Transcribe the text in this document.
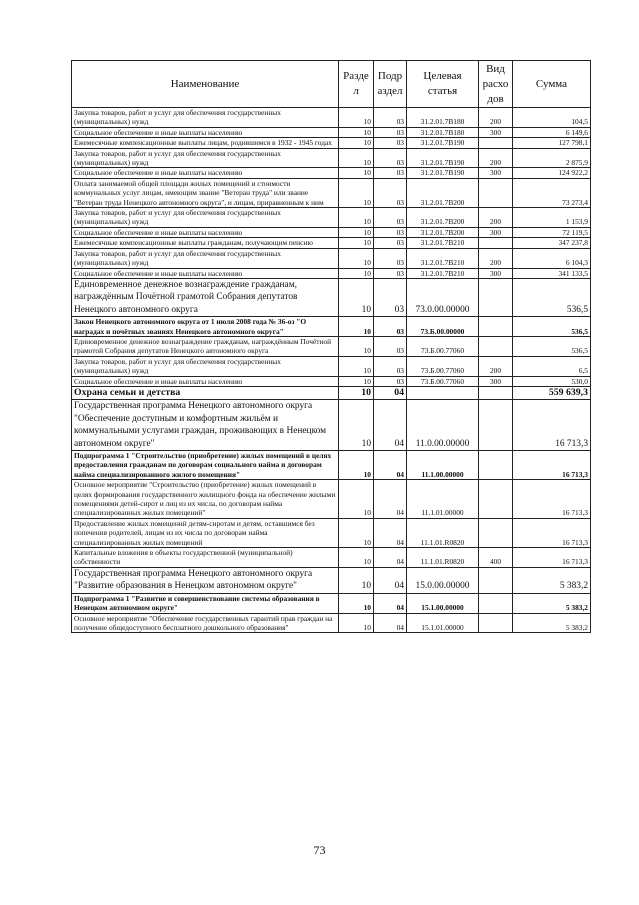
Наименование	Разде л	Подр аздел	Целевая статья	Вид расхо дов	Сумма
Закупка товаров, работ и услуг для обеспечения государственных (муниципальных) нужд	10	03	31.2.01.7В180	200	104,5
Социальное обеспечение и иные выплаты населению	10	03	31.2.01.7В180	300	6 149,6
Ежемесячные компенсационные выплаты лицам, родившимся в 1932 - 1945 годах	10	03	31.2.01.7В190		127 798,1
Закупка товаров, работ и услуг для обеспечения государственных (муниципальных) нужд	10	03	31.2.01.7В190	200	2 875,9
Социальное обеспечение и иные выплаты населению	10	03	31.2.01.7В190	300	124 922,2
Оплата занимаемой общей площади жилых помещений и стоимости коммунальных услуг лицам, имеющим звание "Ветеран труда" или звание "Ветеран труда Ненецкого автономного округа", и лицам, приравненным к ним	10	03	31.2.01.7В200		73 273,4
Закупка товаров, работ и услуг для обеспечения государственных (муниципальных) нужд	10	03	31.2.01.7В200	200	1 153,9
Социальное обеспечение и иные выплаты населению	10	03	31.2.01.7В200	300	72 119,5
Ежемесячные компенсационные выплаты гражданам, получающим пенсию	10	03	31.2.01.7В210		347 237,8
Закупка товаров, работ и услуг для обеспечения государственных (муниципальных) нужд	10	03	31.2.01.7В210	200	6 104,3
Социальное обеспечение и иные выплаты населению	10	03	31.2.01.7В210	300	341 133,5
Единовременное денежное вознаграждение гражданам, награждённым Почётной грамотой Собрания депутатов Ненецкого автономного округа	10	03	73.0.00.00000		536,5
Закон Ненецкого автономного округа от 1 июля 2008 года № 36-оз "О наградах и почётных званиях Ненецкого автономного округа"	10	03	73.Б.00.00000		536,5
Единовременное денежное вознаграждение гражданам, награждённым Почётной грамотой Собрания депутатов Ненецкого автономного округа	10	03	73.Б.00.77060		536,5
Закупка товаров, работ и услуг для обеспечения государственных (муниципальных) нужд	10	03	73.Б.00.77060	200	6,5
Социальное обеспечение и иные выплаты населению	10	03	73.Б.00.77060	300	530,0
Охрана семьи и детства	10	04			559 639,3
Государственная программа Ненецкого автономного округа "Обеспечение доступным и комфортным жильём и коммунальными услугами граждан, проживающих в Ненецком автономном округе"	10	04	11.0.00.00000		16 713,3
Подпрограмма 1 "Строительство (приобретение) жилых помещений в целях предоставления гражданам по договорам социального найма и договорам найма специализированного жилого помещения"	10	04	11.1.00.00000		16 713,3
Основное мероприятие "Строительство (приобретение) жилых помещений в целях формирования государственного жилищного фонда на обеспечение жилыми помещениями детей-сирот и лиц из их числа, по договорам найма специализированных жилых помещений"	10	04	11.1.01.00000		16 713,3
Предоставление жилых помещений детям-сиротам и детям, оставшимся без попечения родителей, лицам из их числа по договорам найма специализированных жилых помещений	10	04	11.1.01.R0820		16 713,3
Капитальные вложения в объекты государственной (муниципальной) собственности	10	04	11.1.01.R0820	400	16 713,3
Государственная программа Ненецкого автономного округа "Развитие образования в Ненецком автономном округе"	10	04	15.0.00.00000		5 383,2
Подпрограмма 1 "Развитие и совершенствование системы образования в Ненецком автономном округе"	10	04	15.1.00.00000		5 383,2
Основное мероприятие "Обеспечение государственных гарантий прав граждан на получение общедоступного бесплатного дошкольного образования"	10	04	15.1.01.00000		5 383,2
73
